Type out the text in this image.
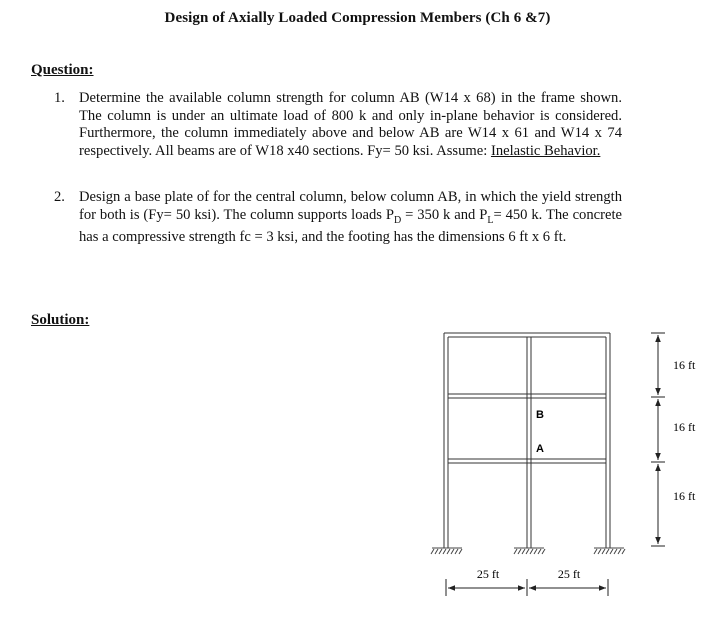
Design of Axially Loaded Compression Members (Ch 6 &7)
Question:
1. Determine the available column strength for column AB (W14 x 68) in the frame shown. The column is under an ultimate load of 800 k and only in-plane behavior is considered. Furthermore, the column immediately above and below AB are W14 x 61 and W14 x 74 respectively. All beams are of W18 x40 sections. Fy= 50 ksi. Assume: Inelastic Behavior.
2. Design a base plate of for the central column, below column AB, in which the yield strength for both is (Fy= 50 ksi). The column supports loads $P_D = 350$ k and $P_L= 450$ k. The concrete has a compressive strength fc = 3 ksi, and the footing has the dimensions 6 ft x 6 ft.
Solution:
B
A
16 ft
16 ft
16 ft
25 ft	25 ft
